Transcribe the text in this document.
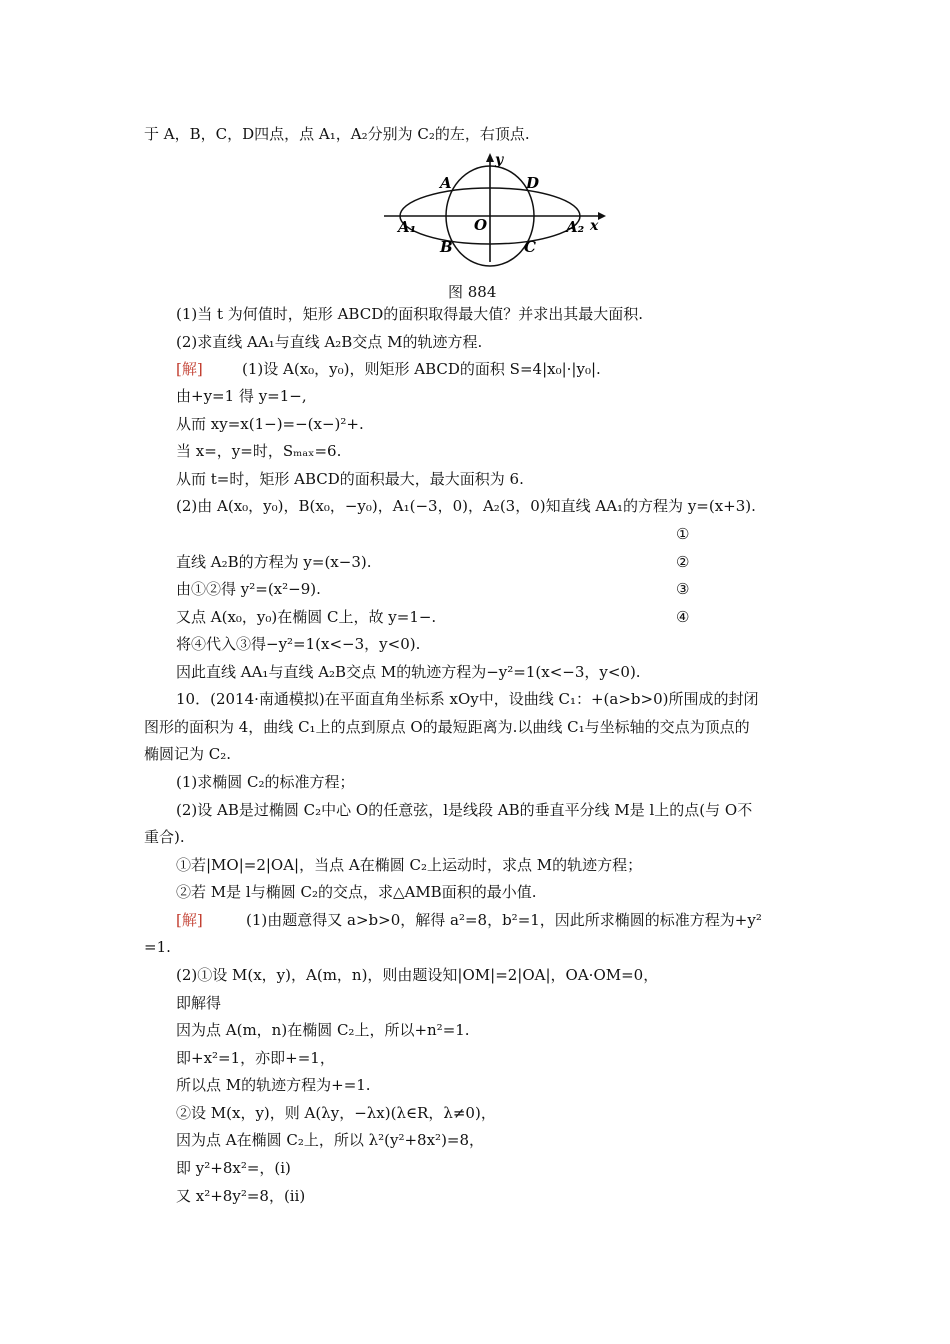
于 A，B，C，D四点，点 A₁，A₂分别为 C₂的左，右顶点.
y
x
A	D
O
A₁	A₂
B	C
图 884
(1)当 t 为何值时，矩形 ABCD的面积取得最大值？并求出其最大面积.
(2)求直线 AA₁与直线 A₂B交点 M的轨迹方程.
[解]	(1)设 A(x₀，y₀)，则矩形 ABCD的面积 S=4|x₀|·|y₀|.
由+y=1 得 y=1−,
从而 xy=x(1−)=−(x−)²+.
当 x=，y=时，Sₘₐₓ=6.
从而 t=时，矩形 ABCD的面积最大，最大面积为 6.
(2)由 A(x₀，y₀)，B(x₀，−y₀)，A₁(−3，0)，A₂(3，0)知直线 AA₁的方程为 y=(x+3).
①
直线 A₂B的方程为 y=(x−3).	②
由①②得 y²=(x²−9).	③
又点 A(x₀，y₀)在椭圆 C上，故 y=1−.	④
将④代入③得−y²=1(x<−3，y<0).
因此直线 AA₁与直线 A₂B交点 M的轨迹方程为−y²=1(x<−3，y<0).
10．(2014·南通模拟)在平面直角坐标系 xOy中，设曲线 C₁：+(a>b>0)所围成的封闭
图形的面积为 4，曲线 C₁上的点到原点 O的最短距离为.以曲线 C₁与坐标轴的交点为顶点的
椭圆记为 C₂.
(1)求椭圆 C₂的标准方程；
(2)设 AB是过椭圆 C₂中心 O的任意弦，l是线段 AB的垂直平分线 M是 l上的点(与 O不
重合).
①若|MO|=2|OA|，当点 A在椭圆 C₂上运动时，求点 M的轨迹方程；
②若 M是 l与椭圆 C₂的交点，求△AMB面积的最小值.
[解]	(1)由题意得又 a>b>0，解得 a²=8，b²=1，因此所求椭圆的标准方程为+y²
=1.
(2)①设 M(x，y)，A(m，n)，则由题设知|OM|=2|OA|，OA·OM=0，
即解得
因为点 A(m，n)在椭圆 C₂上，所以+n²=1.
即+x²=1，亦即+=1，
所以点 M的轨迹方程为+=1.
②设 M(x，y)，则 A(λy，−λx)(λ∈R，λ≠0)，
因为点 A在椭圆 C₂上，所以 λ²(y²+8x²)=8，
即 y²+8x²=，(ⅰ)
又 x²+8y²=8，(ⅱ)
